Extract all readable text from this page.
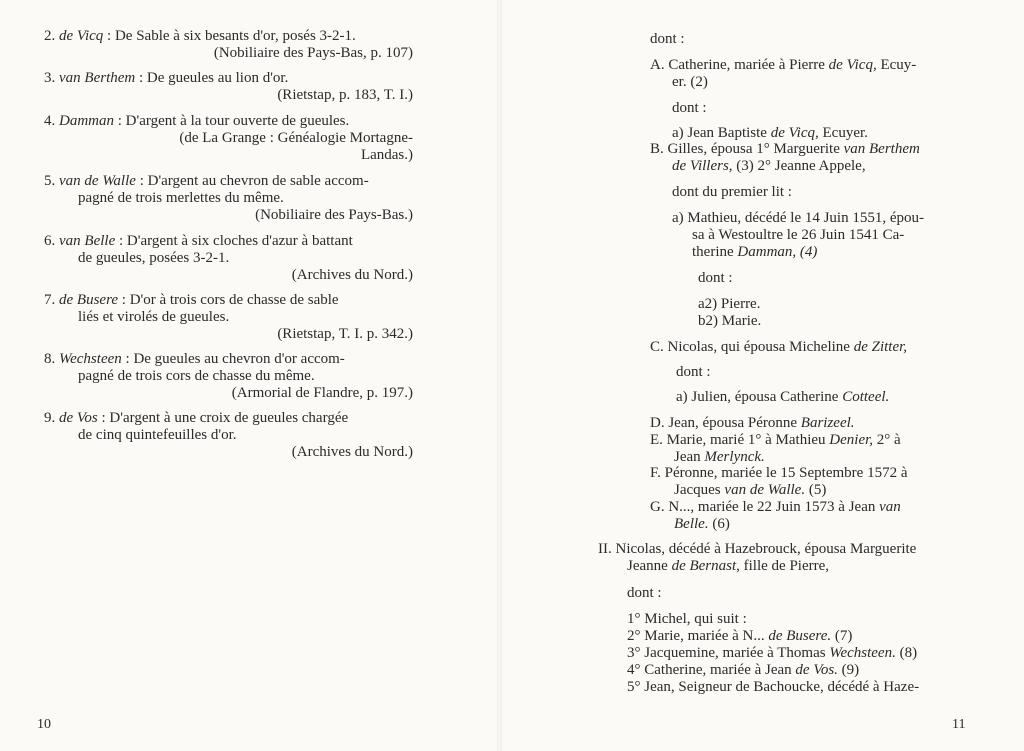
2. de Vicq : De Sable à six besants d'or, posés 3-2-1.
(Nobiliaire des Pays-Bas, p. 107)
3. van Berthem : De gueules au lion d'or.
(Rietstap, p. 183, T. I.)
4. Damman : D'argent à la tour ouverte de gueules.
(de La Grange : Généalogie Mortagne-
Landas.)
5. van de Walle : D'argent au chevron de sable accom-
pagné de trois merlettes du même.
(Nobiliaire des Pays-Bas.)
6. van Belle : D'argent à six cloches d'azur à battant
de gueules, posées 3-2-1.
(Archives du Nord.)
7. de Busere : D'or à trois cors de chasse de sable
liés et virolés de gueules.
(Rietstap, T. I. p. 342.)
8. Wechsteen : De gueules au chevron d'or accom-
pagné de trois cors de chasse du même.
(Armorial de Flandre, p. 197.)
9. de Vos : D'argent à une croix de gueules chargée
de cinq quintefeuilles d'or.
(Archives du Nord.)
10
dont :
A. Catherine, mariée à Pierre de Vicq, Ecuy-
er. (2)
dont :
a) Jean Baptiste de Vicq, Ecuyer.
B. Gilles, épousa 1° Marguerite van Berthem
de Villers, (3) 2° Jeanne Appele,
dont du premier lit :
a) Mathieu, décédé le 14 Juin 1551, épou-
sa à Westoultre le 26 Juin 1541 Ca-
therine Damman, (4)
dont :
a2) Pierre.
b2) Marie.
C. Nicolas, qui épousa Micheline de Zitter,
dont :
a) Julien, épousa Catherine Cotteel.
D. Jean, épousa Péronne Barizeel.
E. Marie, marié 1° à Mathieu Denier, 2° à
Jean Merlynck.
F. Péronne, mariée le 15 Septembre 1572 à
Jacques van de Walle. (5)
G. N..., mariée le 22 Juin 1573 à Jean van
Belle. (6)
II. Nicolas, décédé à Hazebrouck, épousa Marguerite
Jeanne de Bernast, fille de Pierre,
dont :
1° Michel, qui suit :
2° Marie, mariée à N... de Busere. (7)
3° Jacquemine, mariée à Thomas Wechsteen. (8)
4° Catherine, mariée à Jean de Vos. (9)
5° Jean, Seigneur de Bachoucke, décédé à Haze-
11
